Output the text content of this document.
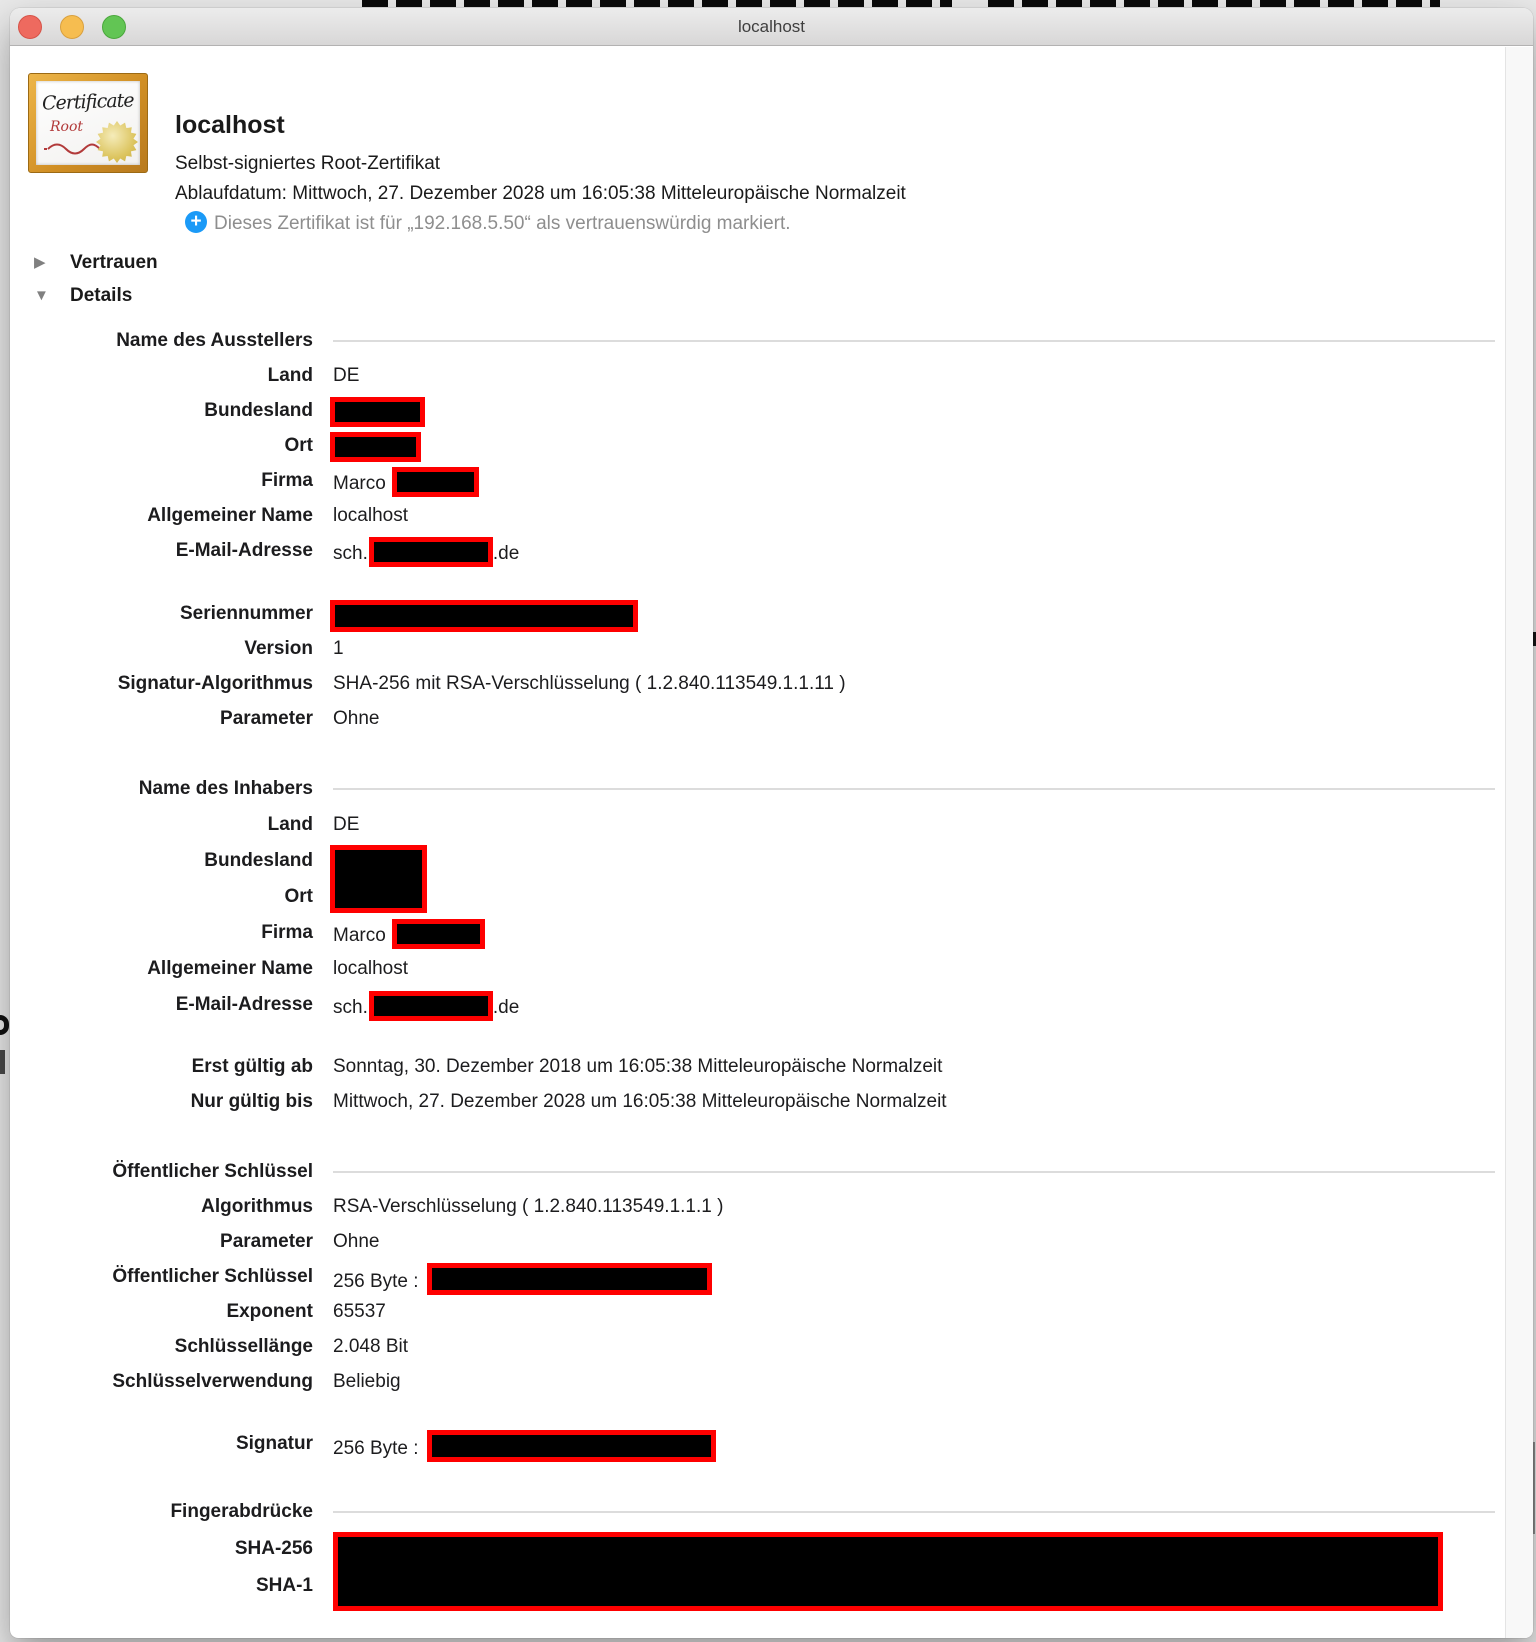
localhost
Certificate
Root	localhost
Selbst-signiertes Root-Zertifikat
Ablaufdatum: Mittwoch, 27. Dezember 2028 um 16:05:38 Mitteleuropäische Normalzeit
+ Dieses Zertifikat ist für „192.168.5.50“ als vertrauenswürdig markiert.
▶	Vertrauen
▼	Details
Name des Ausstellers
Land DE
Bundesland
Ort
Firma Marco
Allgemeiner Name localhost
E-Mail-Adresse sch.	.de
Seriennummer
Version 1
Signatur-Algorithmus SHA-256 mit RSA-Verschlüsselung ( 1.2.840.113549.1.1.11 )
Parameter Ohne
Name des Inhabers
Land DE
Bundesland
Ort
Firma Marco
Allgemeiner Name localhost
E-Mail-Adresse sch.	.de
Erst gültig ab Sonntag, 30. Dezember 2018 um 16:05:38 Mitteleuropäische Normalzeit
Nur gültig bis Mittwoch, 27. Dezember 2028 um 16:05:38 Mitteleuropäische Normalzeit
Öffentlicher Schlüssel
Algorithmus RSA-Verschlüsselung ( 1.2.840.113549.1.1.1 )
Parameter Ohne
Öffentlicher Schlüssel 256 Byte :
Exponent 65537
Schlüssellänge 2.048 Bit
Schlüsselverwendung Beliebig
Signatur 256 Byte :
Fingerabdrücke
SHA-256
SHA-1
